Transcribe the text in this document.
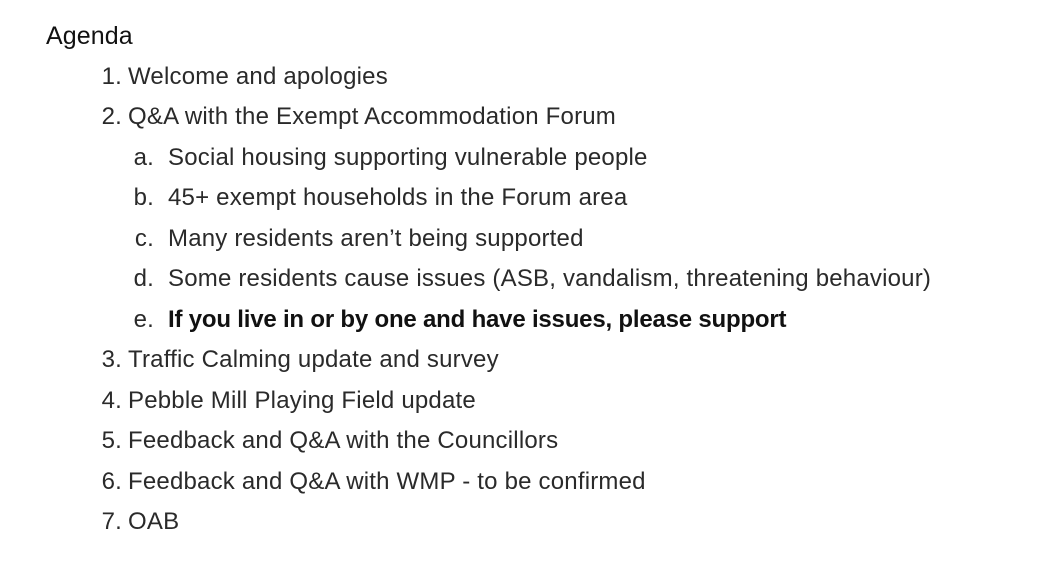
Agenda
1. Welcome and apologies
2. Q&A with the Exempt Accommodation Forum
a. Social housing supporting vulnerable people
b. 45+ exempt households in the Forum area
c. Many residents aren’t being supported
d. Some residents cause issues (ASB, vandalism, threatening behaviour)
e. If you live in or by one and have issues, please support
3. Traffic Calming update and survey
4. Pebble Mill Playing Field update
5. Feedback and Q&A with the Councillors
6. Feedback and Q&A with WMP - to be confirmed
7. OAB
